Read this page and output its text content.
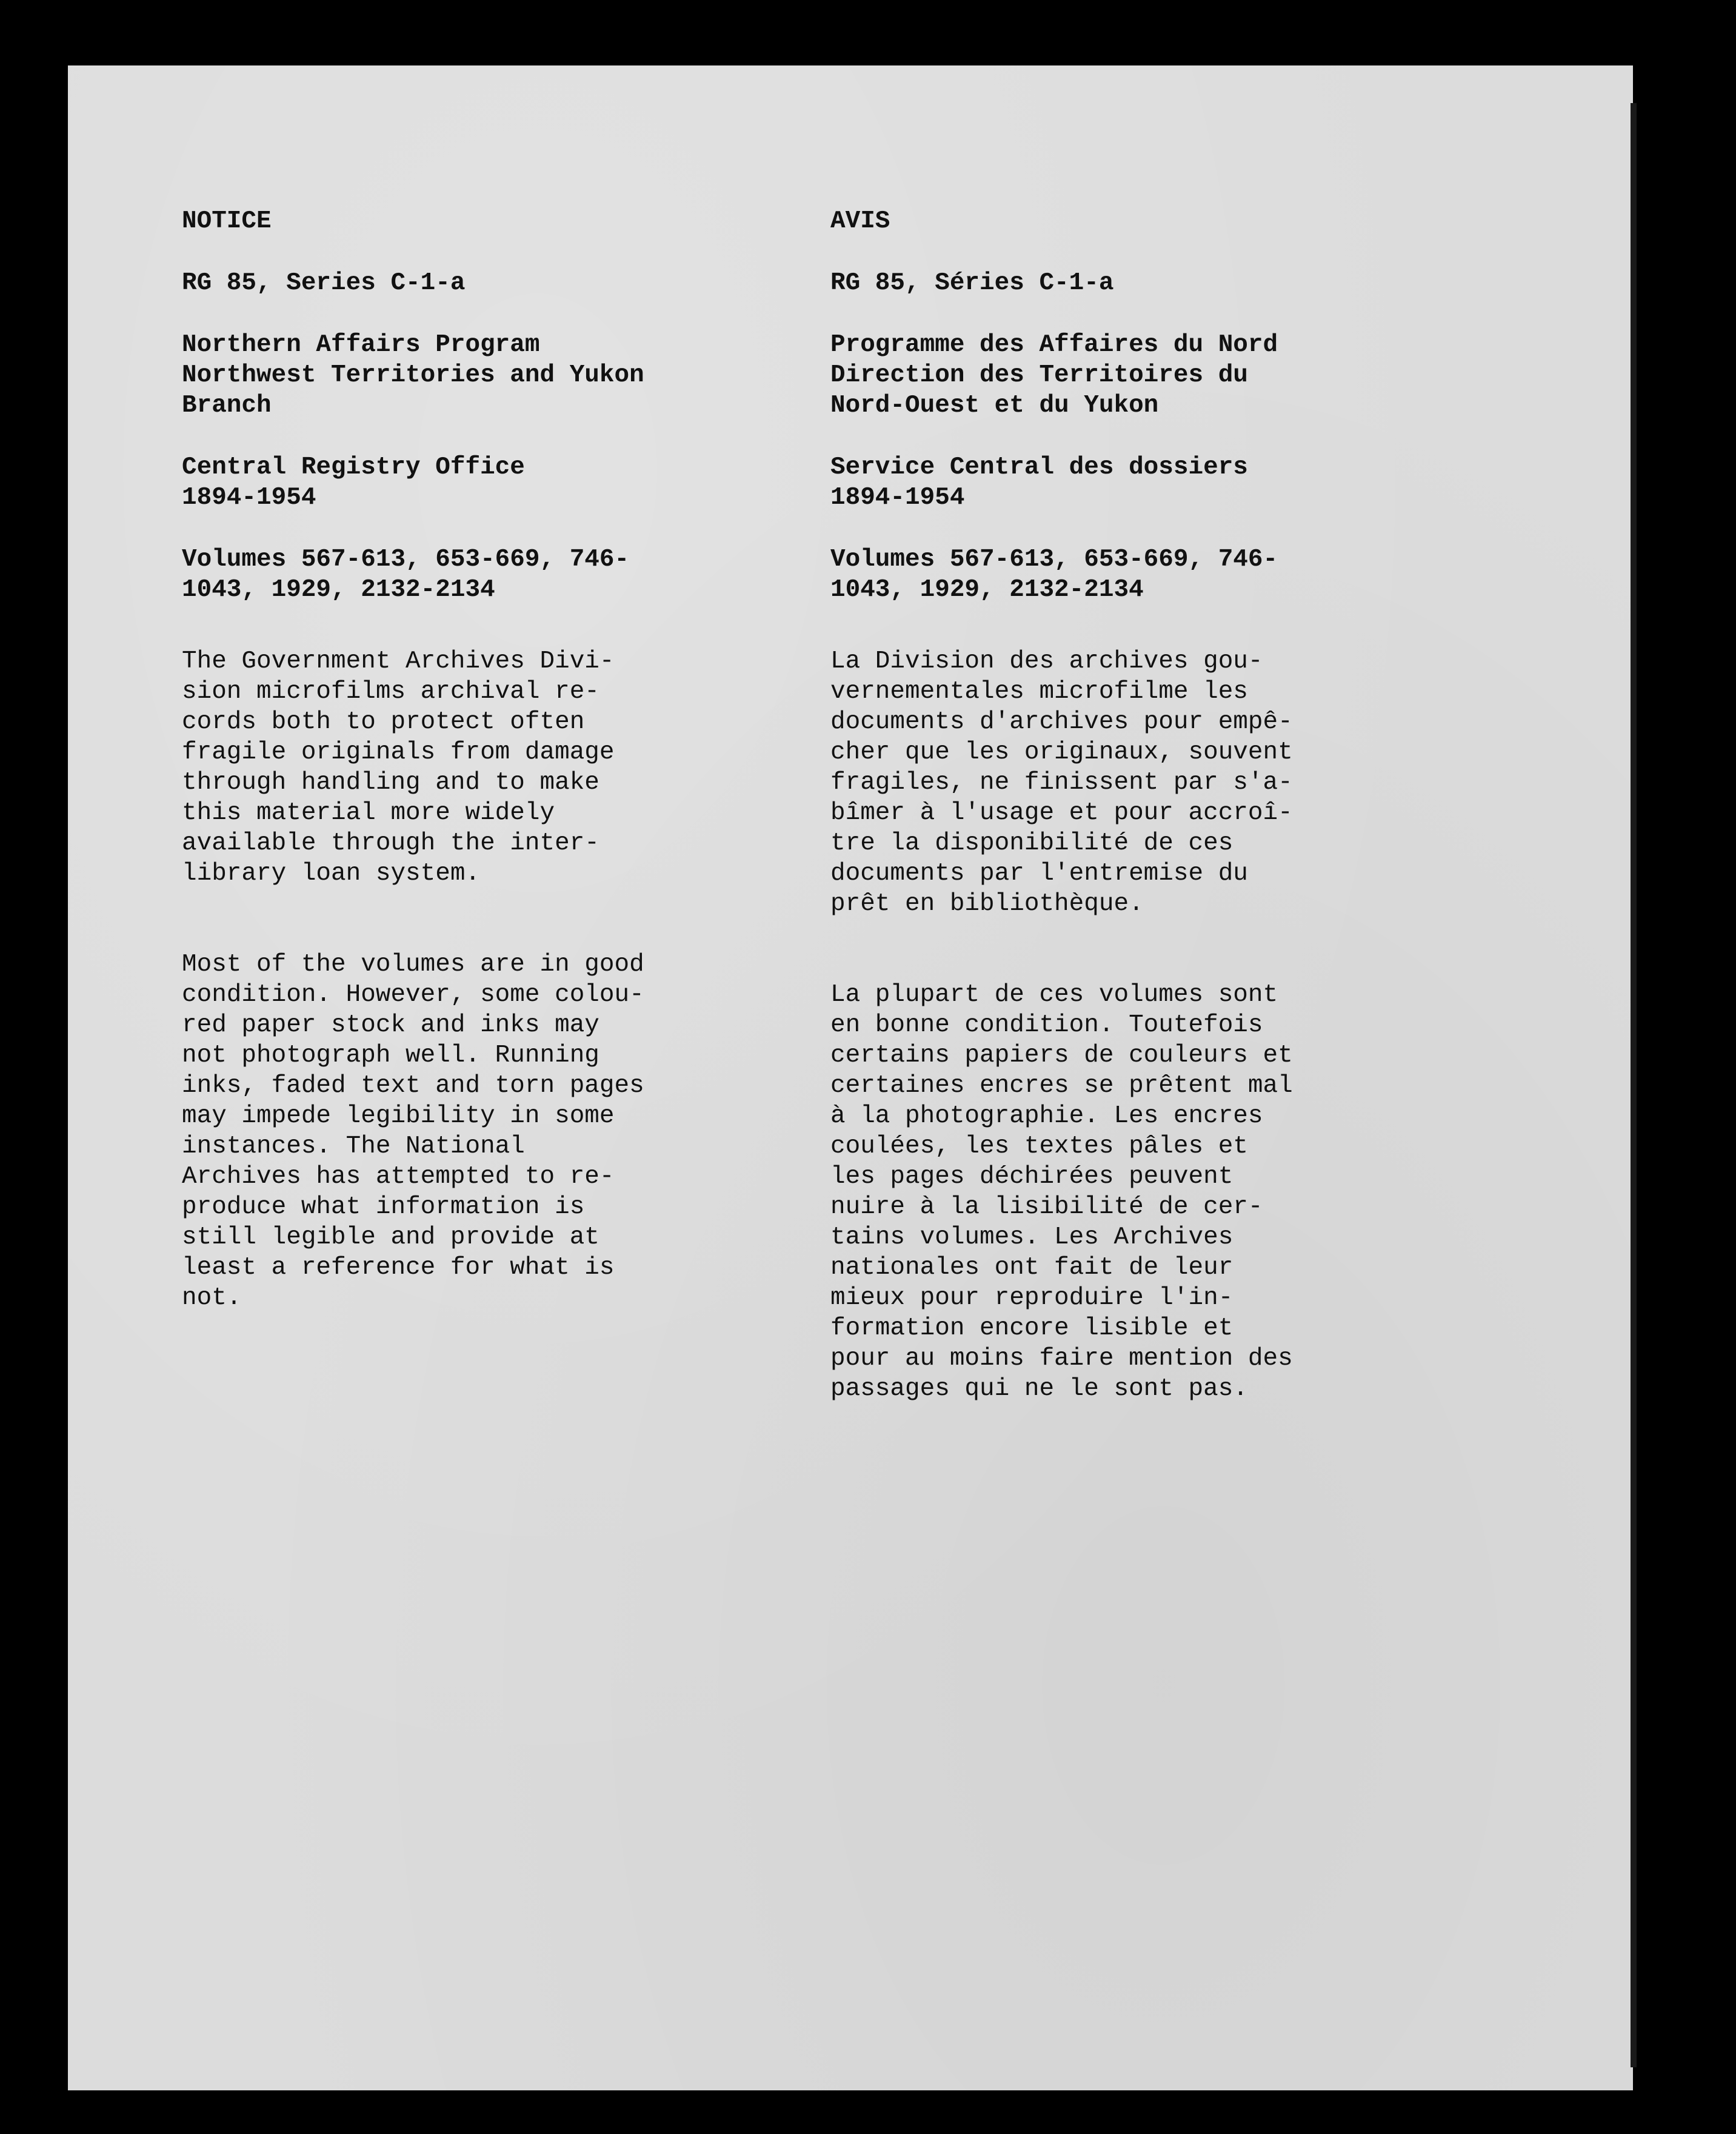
NOTICE
RG 85, Series C-1-a
Northern Affairs Program
Northwest Territories and Yukon
Branch
Central Registry Office
1894-1954
Volumes 567-613, 653-669, 746-
1043, 1929, 2132-2134
The Government Archives Divi-
sion microfilms archival re-
cords both to protect often
fragile originals from damage
through handling and to make
this material more widely
available through the inter-
library loan system.
Most of the volumes are in good
condition. However, some colou-
red paper stock and inks may
not photograph well. Running
inks, faded text and torn pages
may impede legibility in some
instances. The National
Archives has attempted to re-
produce what information is
still legible and provide at
least a reference for what is
not.
AVIS
RG 85, Séries C-1-a
Programme des Affaires du Nord
Direction des Territoires du
Nord-Ouest et du Yukon
Service Central des dossiers
1894-1954
Volumes 567-613, 653-669, 746-
1043, 1929, 2132-2134
La Division des archives gou-
vernementales microfilme les
documents d'archives pour empê-
cher que les originaux, souvent
fragiles, ne finissent par s'a-
bîmer à l'usage et pour accroî-
tre la disponibilité de ces
documents par l'entremise du
prêt en bibliothèque.
La plupart de ces volumes sont
en bonne condition. Toutefois
certains papiers de couleurs et
certaines encres se prêtent mal
à la photographie. Les encres
coulées, les textes pâles et
les pages déchirées peuvent
nuire à la lisibilité de cer-
tains volumes. Les Archives
nationales ont fait de leur
mieux pour reproduire l'in-
formation encore lisible et
pour au moins faire mention des
passages qui ne le sont pas.
